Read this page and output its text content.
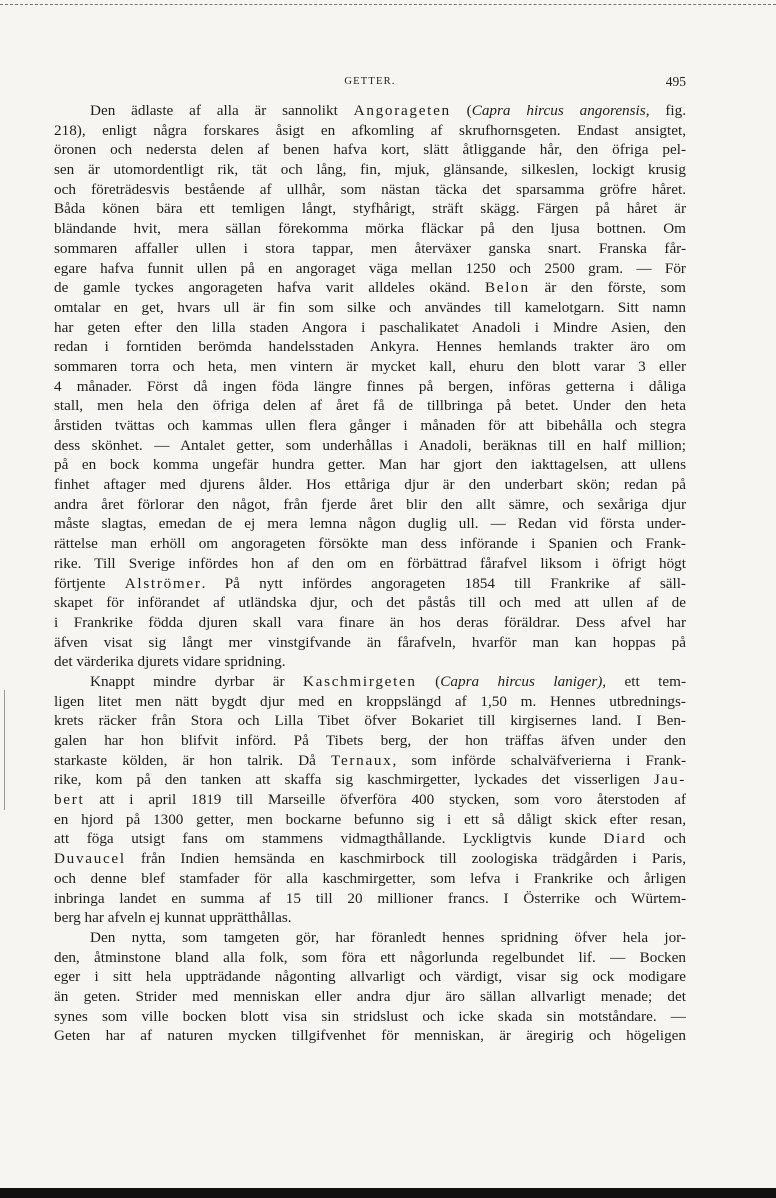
GETTER.	495
Den ädlaste af alla är sannolikt Angorageten (Capra hircus angorensis, fig.
218), enligt några forskares åsigt en afkomling af skrufhornsgeten. Endast ansigtet,
öronen och nedersta delen af benen hafva kort, slätt åtliggande hår, den öfriga pel-
sen är utomordentligt rik, tät och lång, fin, mjuk, glänsande, silkeslen, lockigt krusig
och företrädesvis bestående af ullhår, som nästan täcka det sparsamma gröfre håret.
Båda könen bära ett temligen långt, styfhårigt, sträft skägg. Färgen på håret är
bländande hvit, mera sällan förekomma mörka fläckar på den ljusa bottnen. Om
sommaren affaller ullen i stora tappar, men återväxer ganska snart. Franska får-
egare hafva funnit ullen på en angoraget väga mellan 1250 och 2500 gram. — För
de gamle tyckes angorageten hafva varit alldeles okänd. Belon är den förste, som
omtalar en get, hvars ull är fin som silke och användes till kamelotgarn. Sitt namn
har geten efter den lilla staden Angora i paschalikatet Anadoli i Mindre Asien, den
redan i forntiden berömda handelsstaden Ankyra. Hennes hemlands trakter äro om
sommaren torra och heta, men vintern är mycket kall, ehuru den blott varar 3 eller
4 månader. Först då ingen föda längre finnes på bergen, införas getterna i dåliga
stall, men hela den öfriga delen af året få de tillbringa på betet. Under den heta
årstiden tvättas och kammas ullen flera gånger i månaden för att bibehålla och stegra
dess skönhet. — Antalet getter, som underhållas i Anadoli, beräknas till en half million;
på en bock komma ungefär hundra getter. Man har gjort den iakttagelsen, att ullens
finhet aftager med djurens ålder. Hos ettåriga djur är den underbart skön; redan på
andra året förlorar den något, från fjerde året blir den allt sämre, och sexåriga djur
måste slagtas, emedan de ej mera lemna någon duglig ull. — Redan vid första under-
rättelse man erhöll om angorageten försökte man dess införande i Spanien och Frank-
rike. Till Sverige infördes hon af den om en förbättrad fårafvel liksom i öfrigt högt
förtjente Alströmer. På nytt infördes angorageten 1854 till Frankrike af säll-
skapet för införandet af utländska djur, och det påstås till och med att ullen af de
i Frankrike födda djuren skall vara finare än hos deras föräldrar. Dess afvel har
äfven visat sig långt mer vinstgifvande än fårafveln, hvarför man kan hoppas på
det värderika djurets vidare spridning.
Knappt mindre dyrbar är Kaschmirgeten (Capra hircus laniger), ett tem-
ligen litet men nätt bygdt djur med en kroppslängd af 1,50 m. Hennes utbrednings-
krets räcker från Stora och Lilla Tibet öfver Bokariet till kirgisernes land. I Ben-
galen har hon blifvit införd. På Tibets berg, der hon träffas äfven under den
starkaste kölden, är hon talrik. Då Ternaux, som införde schalväfverierna i Frank-
rike, kom på den tanken att skaffa sig kaschmirgetter, lyckades det visserligen Jau-
bert att i april 1819 till Marseille öfverföra 400 stycken, som voro återstoden af
en hjord på 1300 getter, men bockarne befunno sig i ett så dåligt skick efter resan,
att föga utsigt fans om stammens vidmagthållande. Lyckligtvis kunde Diard och
Duvaucel från Indien hemsända en kaschmirbock till zoologiska trädgården i Paris,
och denne blef stamfader för alla kaschmirgetter, som lefva i Frankrike och årligen
inbringa landet en summa af 15 till 20 millioner francs. I Österrike och Würtem-
berg har afveln ej kunnat upprätthållas.
Den nytta, som tamgeten gör, har föranledt hennes spridning öfver hela jor-
den, åtminstone bland alla folk, som föra ett någorlunda regelbundet lif. — Bocken
eger i sitt hela uppträdande någonting allvarligt och värdigt, visar sig ock modigare
än geten. Strider med menniskan eller andra djur äro sällan allvarligt menade; det
synes som ville bocken blott visa sin stridslust och icke skada sin motståndare. —
Geten har af naturen mycken tillgifvenhet för menniskan, är äregirig och högeligen
